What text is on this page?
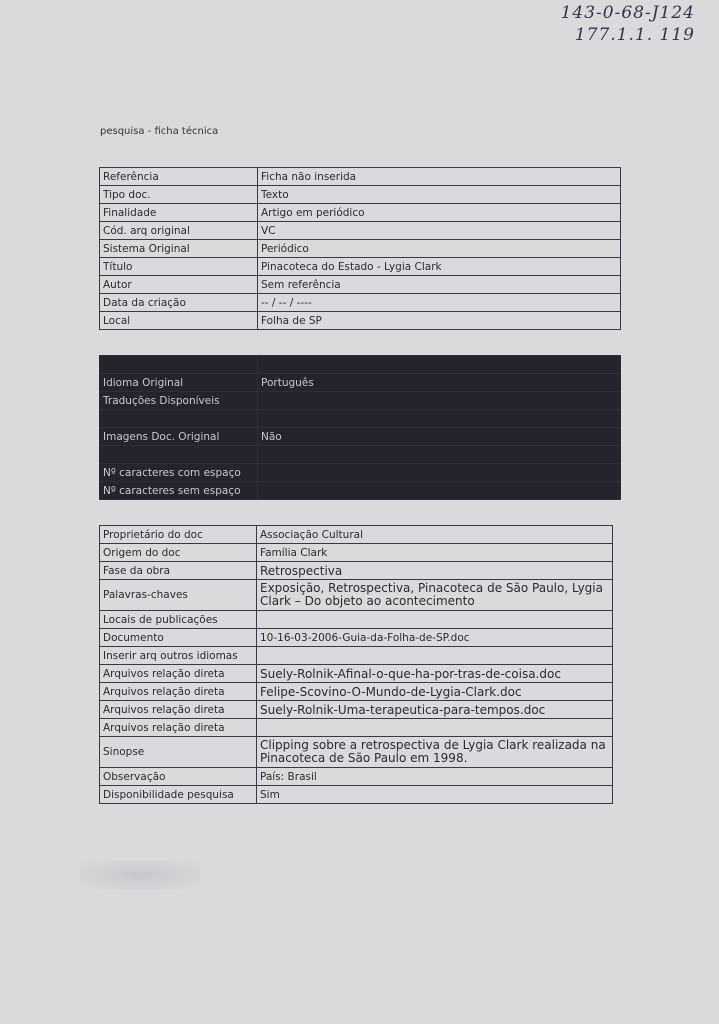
143-0-68-J124
177.1.1. 119
pesquisa - ficha técnica
Referência	Ficha não inserida
Tipo doc.	Texto
Finalidade	Artigo em periódico
Cód. arq original	VC
Sistema Original	Periódico
Título	Pinacoteca do Estado - Lygia Clark
Autor	Sem referência
Data da criação	-- / -- / ----
Local	Folha de SP

Idioma Original	Português
Traduções Disponíveis	

Imagens Doc. Original	Não

Nº caracteres com espaço	
Nº caracteres sem espaço	
Proprietário do doc	Associação Cultural
Origem do doc	Família Clark
Fase da obra	Retrospectiva
Palavras-chaves	Exposição, Retrospectiva, Pinacoteca de São Paulo, Lygia Clark – Do objeto ao acontecimento
Locais de publicações	
Documento	10-16-03-2006-Guia-da-Folha-de-SP.doc
Inserir arq outros idiomas	
Arquivos relação direta	Suely-Rolnik-Afinal-o-que-ha-por-tras-de-coisa.doc
Arquivos relação direta	Felipe-Scovino-O-Mundo-de-Lygia-Clark.doc
Arquivos relação direta	Suely-Rolnik-Uma-terapeutica-para-tempos.doc
Arquivos relação direta	
Sinopse	Clipping sobre a retrospectiva de Lygia Clark realizada na Pinacoteca de São Paulo em 1998.
Observação	País: Brasil
Disponibilidade pesquisa	Sim
